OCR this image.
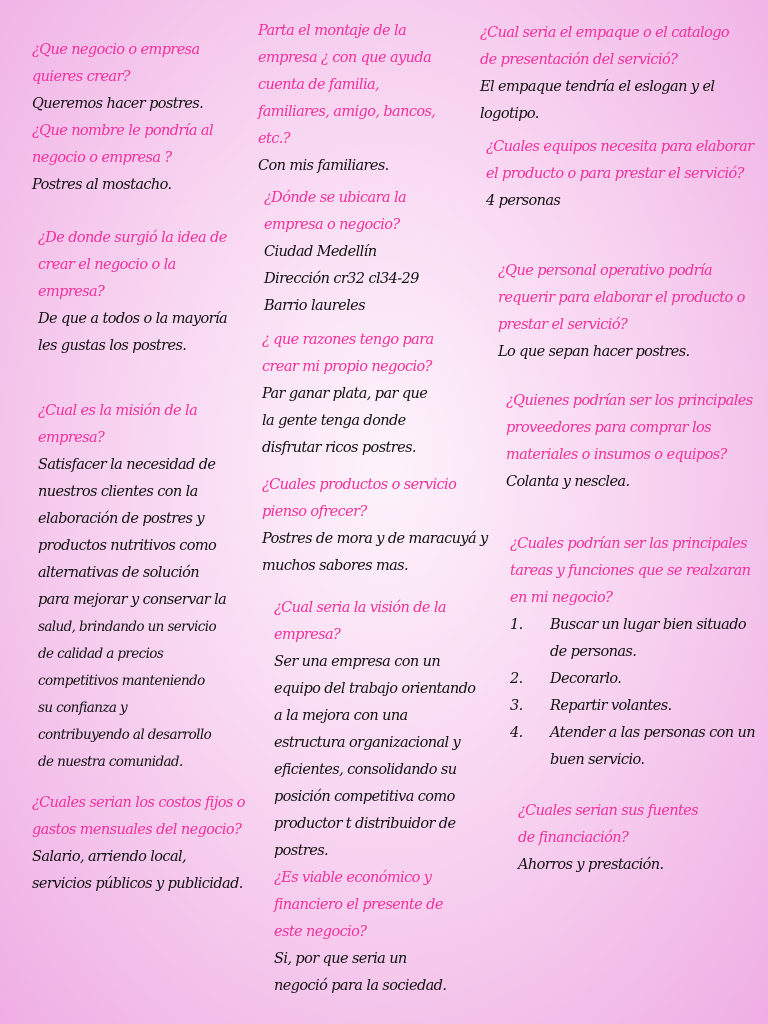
¿Que negocio o empresa

quieres crear?

Queremos hacer postres.

¿Que nombre le pondría al

negocio o empresa ?

Postres al mostacho.

¿De donde surgió la idea de

crear el negocio o la

empresa?

De que a todos o la mayoría

les gustas los postres.

¿Cual es la misión de la

empresa?

Satisfacer la necesidad de

nuestros clientes con la

elaboración de postres y

productos nutritivos como

alternativas de solución

para mejorar y conservar la

salud, brindando un servicio

de calidad a precios

competitivos manteniendo

su confianza y

contribuyendo al desarrollo

de nuestra comunidad.

¿Cuales serian los costos fijos o

gastos mensuales del negocio?

Salario, arriendo local,

servicios públicos y publicidad.

Parta el montaje de la

empresa ¿ con que ayuda

cuenta de familia,

familiares, amigo, bancos,

etc.?

Con mis familiares.

¿Dónde se ubicara la

empresa o negocio?

Ciudad Medellín

Dirección cr32 cl34-29

Barrio laureles

¿ que razones tengo para

crear mi propio negocio?

Par ganar plata, par que

la gente tenga donde

disfrutar ricos postres.

¿Cuales productos o servicio

pienso ofrecer?

Postres de mora y de maracuyá y

muchos sabores mas.

¿Cual seria la visión de la

empresa?

Ser una empresa con un

equipo del trabajo orientando

a la mejora con una

estructura organizacional y

eficientes, consolidando su

posición competitiva como

productor t distribuidor de

postres.

¿Es viable económico y

financiero el presente de

este negocio?

Si, por que seria un

negoció para la sociedad.

¿Cual seria el empaque o el catalogo

de presentación del servició?

El empaque tendría el eslogan y el

logotipo.

¿Cuales equipos necesita para elaborar

el producto o para prestar el servició?

4 personas

¿Que personal operativo podría

requerir para elaborar el producto o

prestar el servició?

Lo que sepan hacer postres.

¿Quienes podrían ser los principales

proveedores para comprar los

materiales o insumos o equipos?

Colanta y nesclea.

¿Cuales podrían ser las principales

tareas y funciones que se realzaran

en mi negocio?

1. Buscar un lugar bien situado

de personas.

2. Decorarlo.

3. Repartir volantes.

4. Atender a las personas con un

buen servicio.

¿Cuales serian sus fuentes

de financiación?

Ahorros y prestación.
